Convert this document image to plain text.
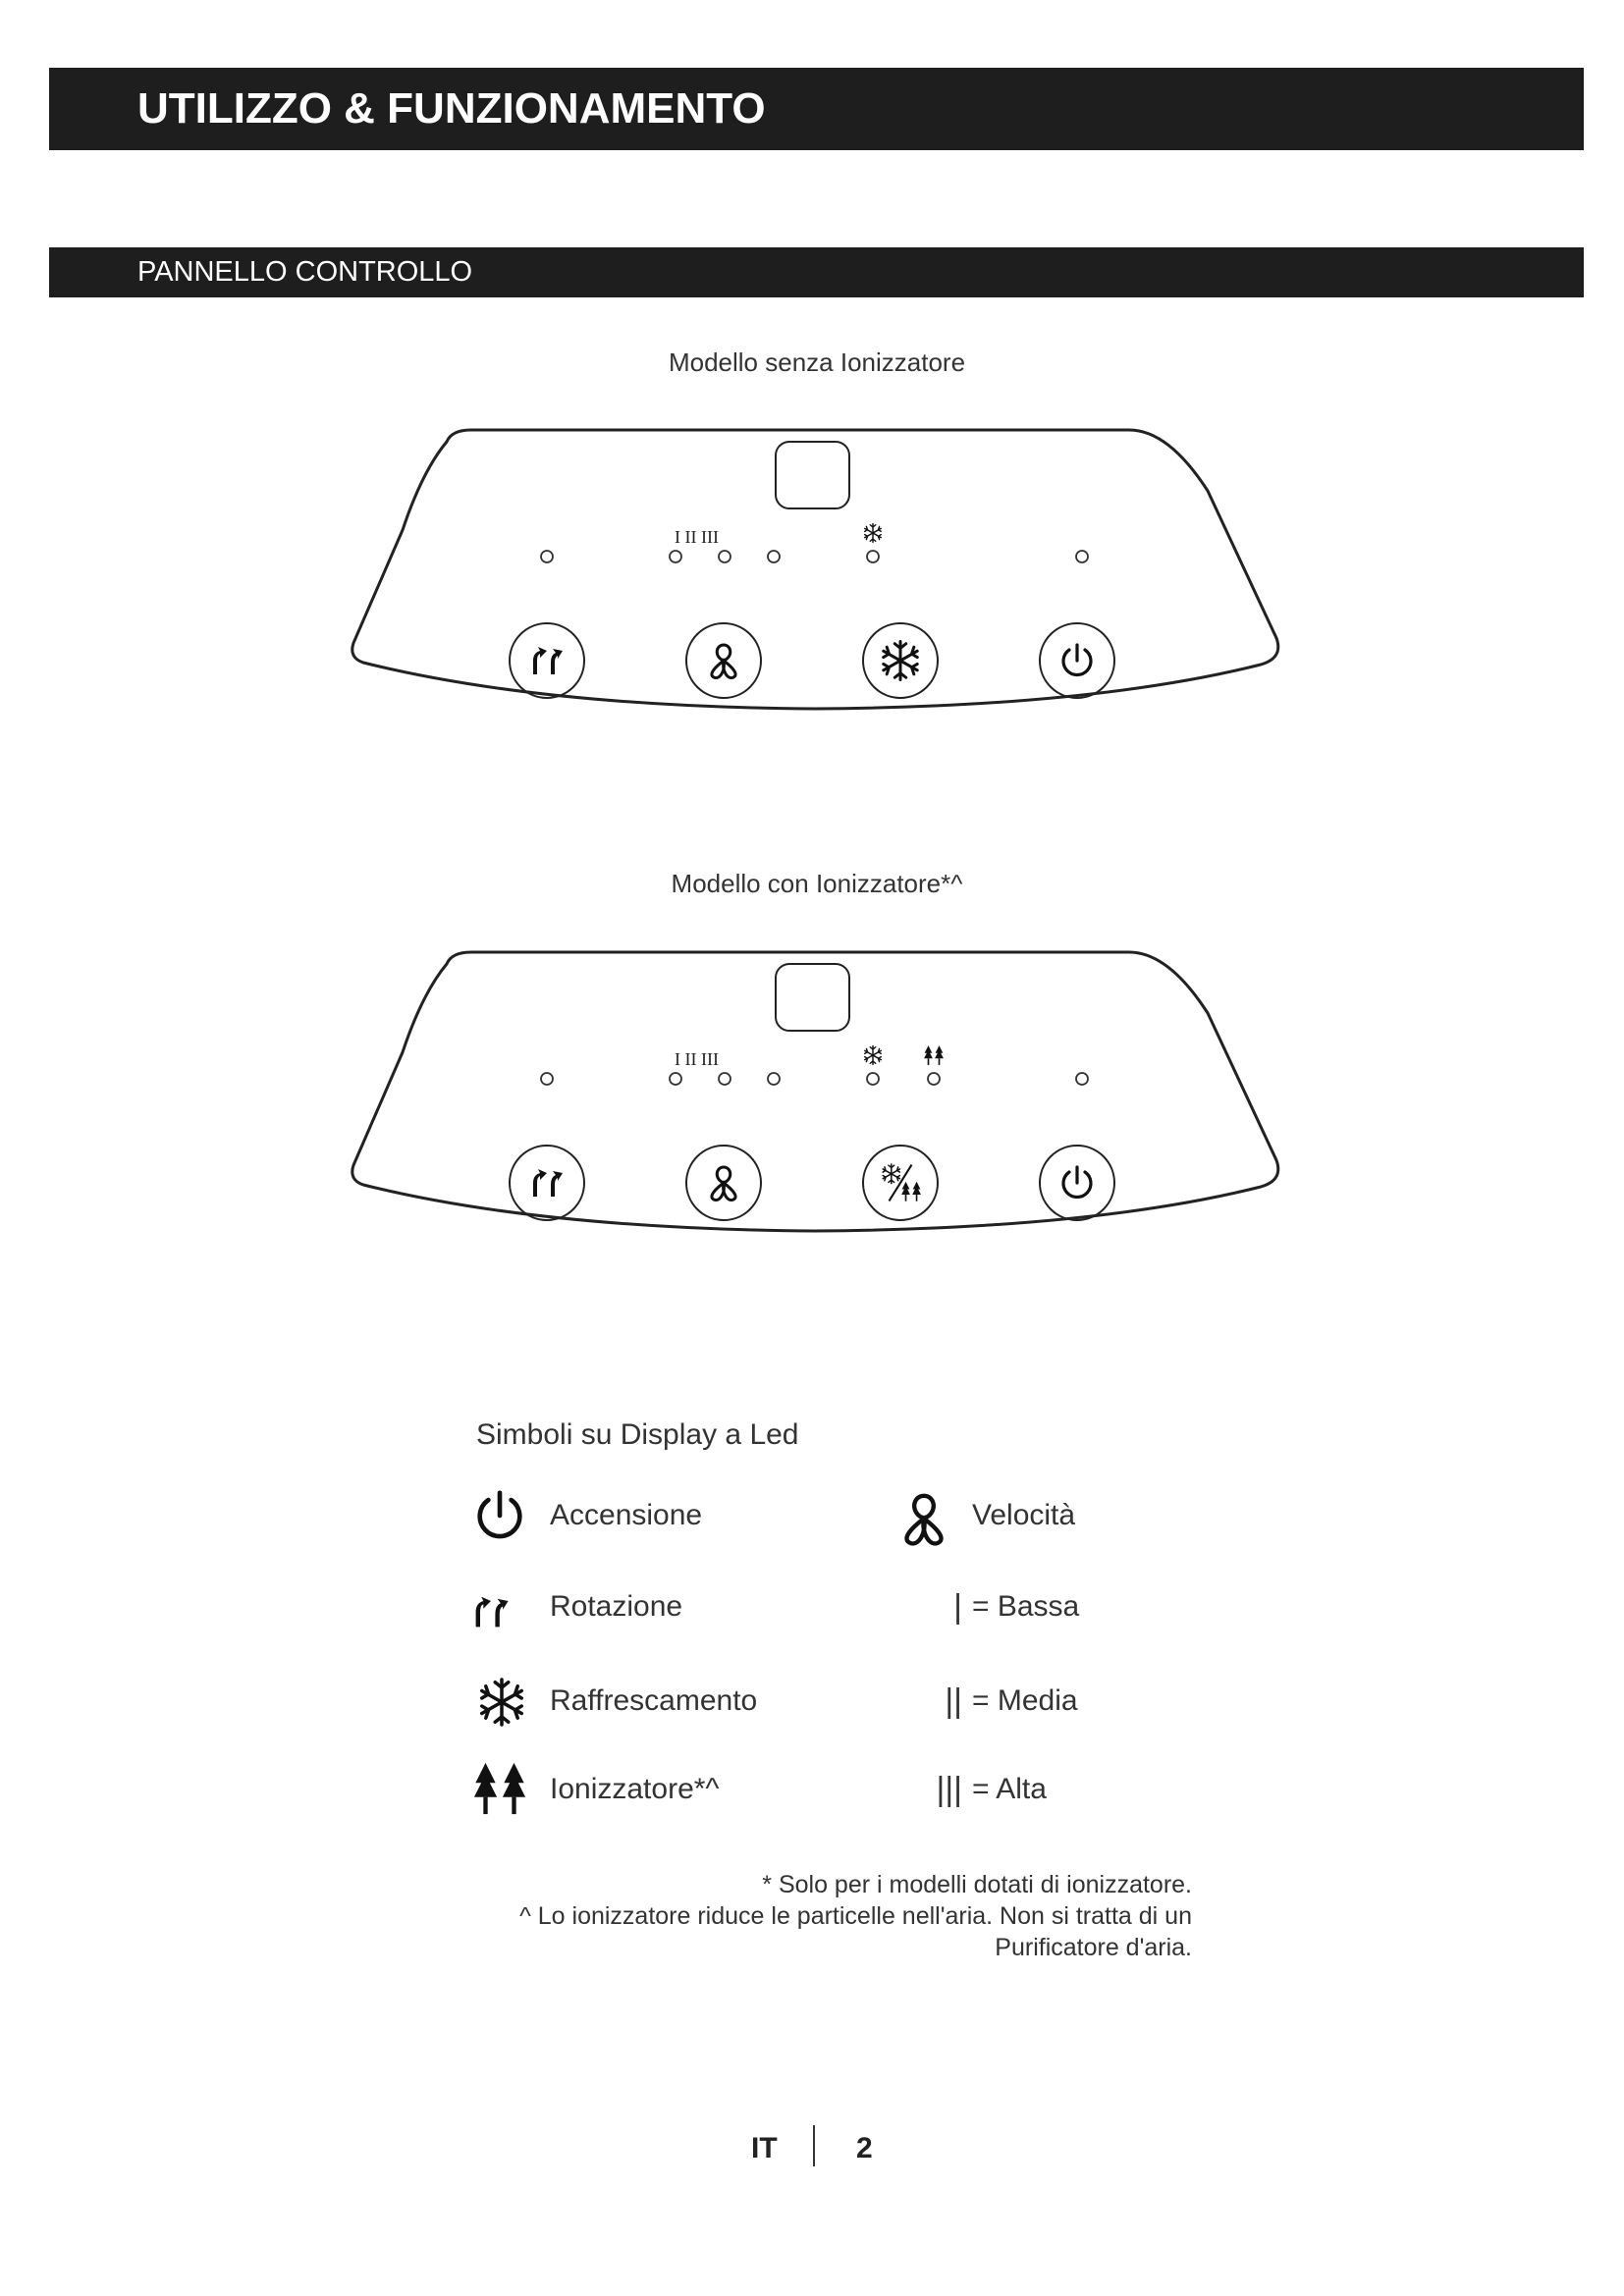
UTILIZZO & FUNZIONAMENTO
PANNELLO CONTROLLO
Modello senza Ionizzatore
I II III
Modello con Ionizzatore*^
I II III
Simboli su Display a Led
Accensione
Rotazione
Raffrescamento
Ionizzatore*^
Velocità
| = Bassa
|| = Media
||| = Alta
* Solo per i modelli dotati di ionizzatore.
^ Lo ionizzatore riduce le particelle nell'aria. Non si tratta di un
Purificatore d'aria.
IT	2
